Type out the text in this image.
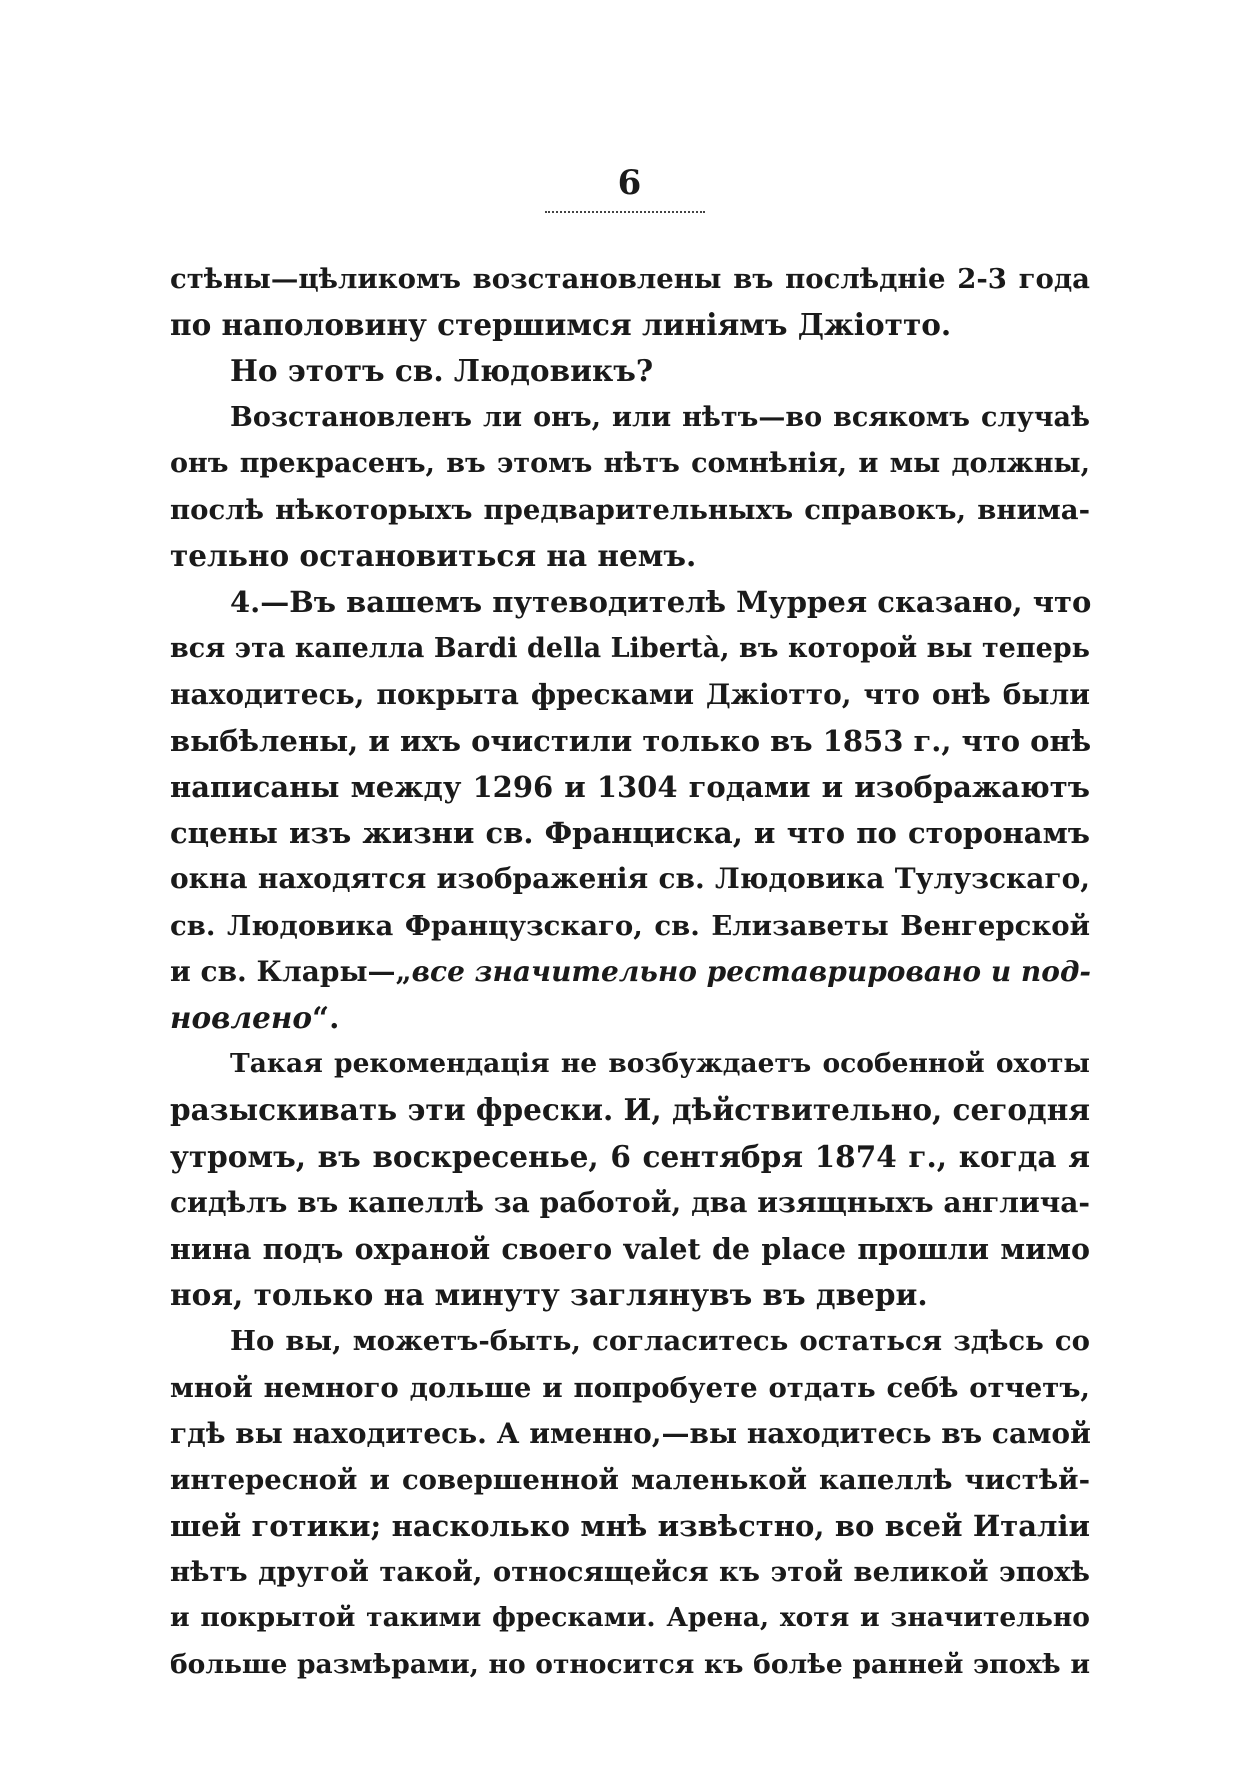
6
стѣны—цѣликомъ возстановлены въ послѣдніе 2-3 года
по наполовину стершимся линіямъ Джіотто.
Но этотъ св. Людовикъ?
Возстановленъ ли онъ, или нѣтъ—во всякомъ случаѣ
онъ прекрасенъ, въ этомъ нѣтъ сомнѣнія, и мы должны,
послѣ нѣкоторыхъ предварительныхъ справокъ, внима-
тельно остановиться на немъ.
4.—Въ вашемъ путеводителѣ Муррея сказано, что
вся эта капелла Bardi della Libertà, въ которой вы теперь
находитесь, покрыта фресками Джіотто, что онѣ были
выбѣлены, и ихъ очистили только въ 1853 г., что онѣ
написаны между 1296 и 1304 годами и изображаютъ
сцены изъ жизни св. Франциска, и что по сторонамъ
окна находятся изображенія св. Людовика Тулузскаго,
св. Людовика Французскаго, св. Елизаветы Венгерской
и св. Клары—„все значительно реставрировано и под-
новлено“.
Такая рекомендація не возбуждаетъ особенной охоты
разыскивать эти фрески. И, дѣйствительно, сегодня
утромъ, въ воскресенье, 6 сентября 1874 г., когда я
сидѣлъ въ капеллѣ за работой, два изящныхъ англича-
нина подъ охраной своего valet de place прошли мимо
ноя, только на минуту заглянувъ въ двери.
Но вы, можетъ-быть, согласитесь остаться здѣсь со
мной немного дольше и попробуете отдать себѣ отчетъ,
гдѣ вы находитесь. А именно,—вы находитесь въ самой
интересной и совершенной маленькой капеллѣ чистѣй-
шей готики; насколько мнѣ извѣстно, во всей Италіи
нѣтъ другой такой, относящейся къ этой великой эпохѣ
и покрытой такими фресками. Арена, хотя и значительно
больше размѣрами, но относится къ болѣе ранней эпохѣ и
